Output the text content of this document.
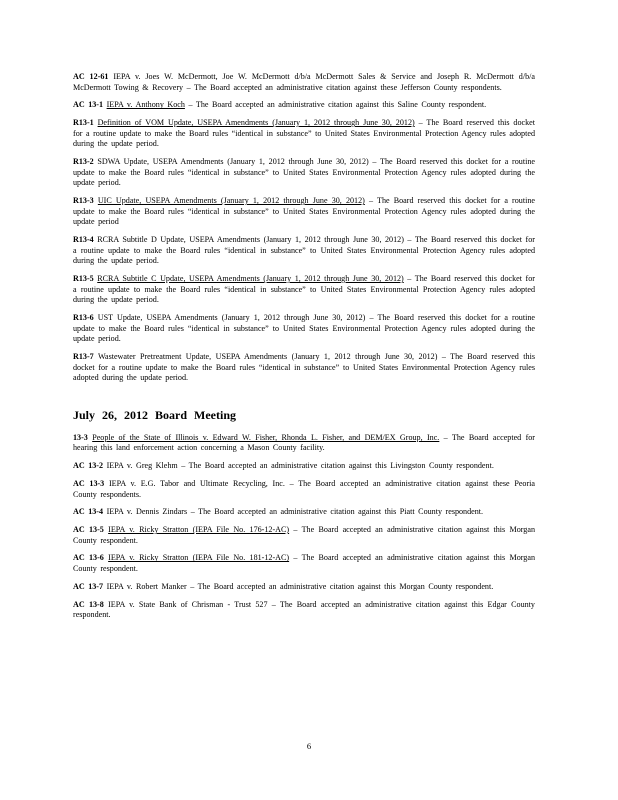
AC 12-61 IEPA v. Joes W. McDermott, Joe W. McDermott d/b/a McDermott Sales & Service and Joseph R. McDermott d/b/a McDermott Towing & Recovery – The Board accepted an administrative citation against these Jefferson County respondents.
AC 13-1 IEPA v. Anthony Koch – The Board accepted an administrative citation against this Saline County respondent.
R13-1 Definition of VOM Update, USEPA Amendments (January 1, 2012 through June 30, 2012) – The Board reserved this docket for a routine update to make the Board rules “identical in substance” to United States Environmental Protection Agency rules adopted during the update period.
R13-2 SDWA Update, USEPA Amendments (January 1, 2012 through June 30, 2012) – The Board reserved this docket for a routine update to make the Board rules “identical in substance” to United States Environmental Protection Agency rules adopted during the update period.
R13-3 UIC Update, USEPA Amendments (January 1, 2012 through June 30, 2012) – The Board reserved this docket for a routine update to make the Board rules “identical in substance” to United States Environmental Protection Agency rules adopted during the update period
R13-4 RCRA Subtitle D Update, USEPA Amendments (January 1, 2012 through June 30, 2012) – The Board reserved this docket for a routine update to make the Board rules “identical in substance” to United States Environmental Protection Agency rules adopted during the update period.
R13-5 RCRA Subtitle C Update, USEPA Amendments (January 1, 2012 through June 30, 2012) – The Board reserved this docket for a routine update to make the Board rules “identical in substance” to United States Environmental Protection Agency rules adopted during the update period.
R13-6 UST Update, USEPA Amendments (January 1, 2012 through June 30, 2012) – The Board reserved this docket for a routine update to make the Board rules “identical in substance” to United States Environmental Protection Agency rules adopted during the update period.
R13-7 Wastewater Pretreatment Update, USEPA Amendments (January 1, 2012 through June 30, 2012) – The Board reserved this docket for a routine update to make the Board rules “identical in substance” to United States Environmental Protection Agency rules adopted during the update period.
July 26, 2012 Board Meeting
13-3 People of the State of Illinois v. Edward W. Fisher, Rhonda L. Fisher, and DEM/EX Group, Inc. – The Board accepted for hearing this land enforcement action concerning a Mason County facility.
AC 13-2 IEPA v. Greg Klehm – The Board accepted an administrative citation against this Livingston County respondent.
AC 13-3 IEPA v. E.G. Tabor and Ultimate Recycling, Inc. – The Board accepted an administrative citation against these Peoria County respondents.
AC 13-4 IEPA v. Dennis Zindars – The Board accepted an administrative citation against this Piatt County respondent.
AC 13-5 IEPA v. Ricky Stratton (IEPA File No. 176-12-AC) – The Board accepted an administrative citation against this Morgan County respondent.
AC 13-6 IEPA v. Ricky Stratton (IEPA File No. 181-12-AC) – The Board accepted an administrative citation against this Morgan County respondent.
AC 13-7 IEPA v. Robert Manker – The Board accepted an administrative citation against this Morgan County respondent.
AC 13-8 IEPA v. State Bank of Chrisman - Trust 527 – The Board accepted an administrative citation against this Edgar County respondent.
6
